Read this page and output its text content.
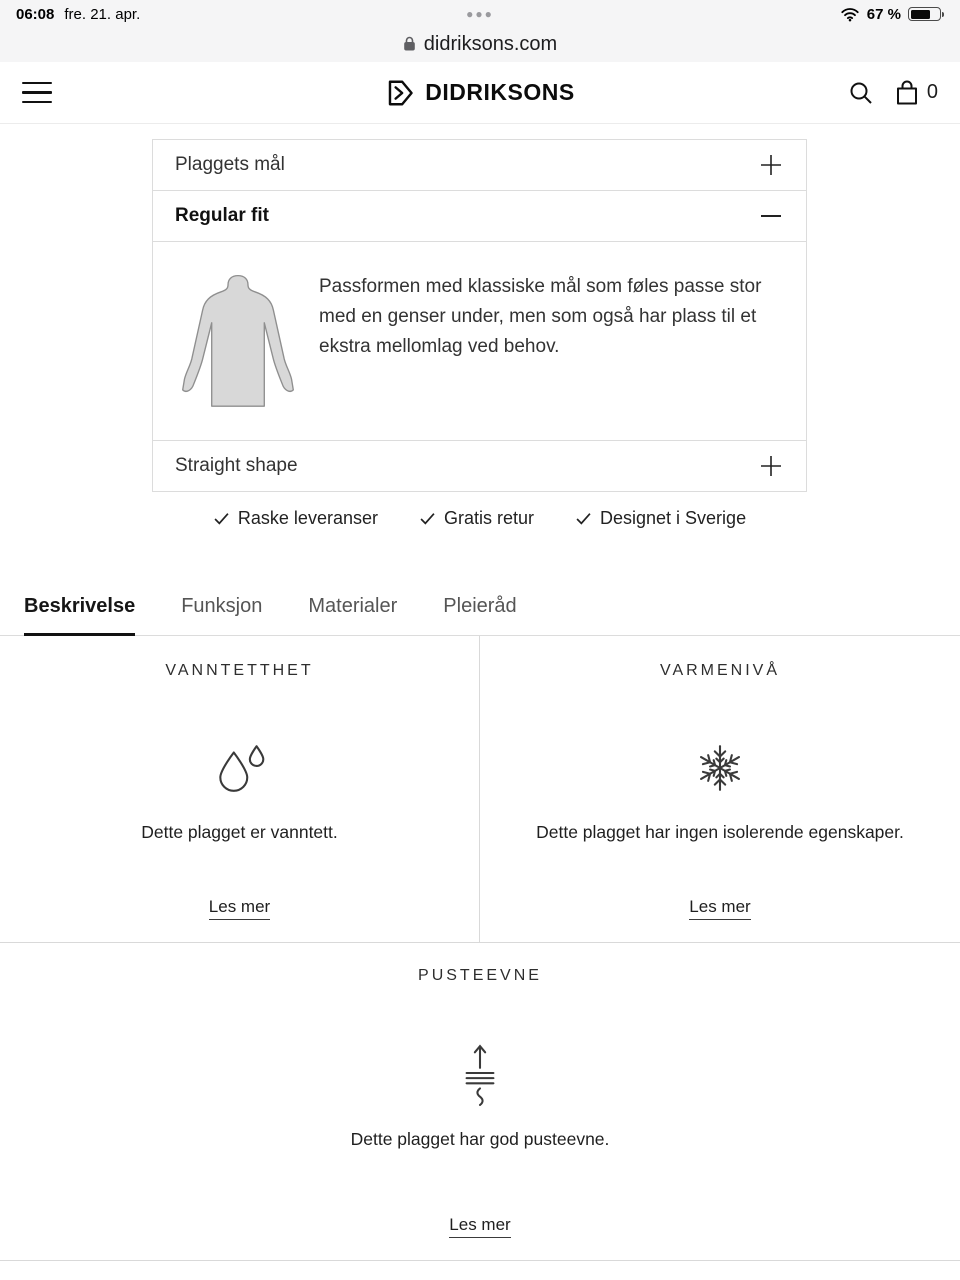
06:08 fre. 21. apr.	●●●	67 %
didriksons.com
DIDRIKSONS	0
Plaggets mål
Regular fit

Passformen med klassiske mål som føles passe stor med en genser under, men som også har plass til et ekstra mellomlag ved behov.

Straight shape
Raske leveranser	Gratis retur	Designet i Sverige
Beskrivelse Funksjon Materialer Pleieråd
VANNTETTHET
Dette plagget er vanntett.
Les mer
VARMENIVÅ
Dette plagget har ingen isolerende egenskaper.
Les mer
PUSTEEVNE
Dette plagget har god pusteevne.
Les mer
